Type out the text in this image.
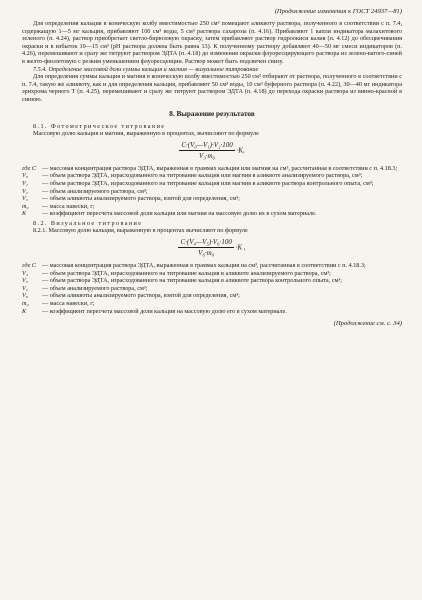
(Продолжение изменения к ГОСТ 24937—81)

Для определения кальция в коническую колбу вместимостью 250 см³ помещают аликвоту раствора, полученного в соответствии с п. 7.4, содержащую 1—5 мг кальция, прибавляют 100 см³ воды, 5 см³ раствора сахарозы (п. 4.16). Прибавляют 1 капли индикатора малахитового зеленого (п. 4.24), раствор приобретает светло-бирюзовую окраску, затем прибавляют раствор гидроокиси калия (п. 4.12) до обесцвечивания окраски и в избыток 10—15 см³ (pH раствора должна быть равна 13). К полученному раствору добавляют 40—50 мг смеси индикаторов (п. 4.26), перемешивают и сразу же титруют раствором ЭДТА (п. 4.18) до изменения окраски флуоресцирующего раствора из зелено-ватого-синей в желто-фиолетовую с резким уменьшением флуоресценции. Раствор может быть подсвечен снизу.

7.5.4. Определение массовой доли суммы кальция и магния — визуальное титрование

Для определения суммы кальция и магния в коническую колбу вместимостью 250 см³ отбирают от раствора, полученного в соответствии с п. 7.4, такую же аликвоту, как и для определения кальция, прибавляют 50 см³ воды, 10 см³ буферного раствора (п. 4.22), 30—40 мг индикатора эрихрома черного Т (п. 4.25), перемешивают и сразу же титруют раствором ЭДТА (п. 4.18) до перехода окраски раствора из винно-красной в синюю.

8. Выражение результатов

8.1. Фотометрическое титрование

Массовую долю кальция и магния, выраженную в процентах, вычисляют по формуле

$\frac{\text{C·(V₀—V₁)·V₂·100}}{\text{V₃·m₀}} \cdot K$,
где C — массовая концентрация раствора ЭДТА, выраженная в граммах кальция или магния на см³, рассчитанная в соответствии с п. 4.18.3;
V₀	— объем раствора ЭДТА, израсходованного на титрование кальция или магния в аликвоте анализируемого раствора, см³;
V₁	— объем раствора ЭДТА, израсходованного на титрование кальция или магния в аликвоте раствора контрольного опыта, см³;
V₂	— объем анализируемого раствора, см³;
V₃	— объем аликвоты анализируемого раствора, взятой для определения, см³;
m₀	— масса навески, г;
K	— коэффициент пересчета массовой доли кальция или магния на массовую долю их в сухом материале.

8.2. Визуальное титрование

8.2.1. Массовую долю кальция, выраженную в процентах вычисляют по формуле

$\frac{\text{C·(V₄—V₅)·V₆·100}}{\text{V₆·m₀}} \cdot K$ ,
где C — массовая концентрация раствора ЭДТА, выраженная в граммах кальция на см³, рассчитанная в соответствии с п. 4.18.3;
V₄	— объем раствора ЭДТА, израсходованного на титрование кальция в аликвоте анализируемого раствора, см³;
V₅	— объем раствора ЭДТА, израсходованного на титрование кальция в аликвоте раствора контрольного опыта, см³;
V₂	— объем анализируемого раствора, см³;
V₆	— объем аликвоты анализируемого раствора, взятой для определения, см³;
m₀	— масса навески, г;
K	— коэффициент пересчета массовой доли кальция на массовую долю его в сухом материале.
(Продолжение см. с. 34)
